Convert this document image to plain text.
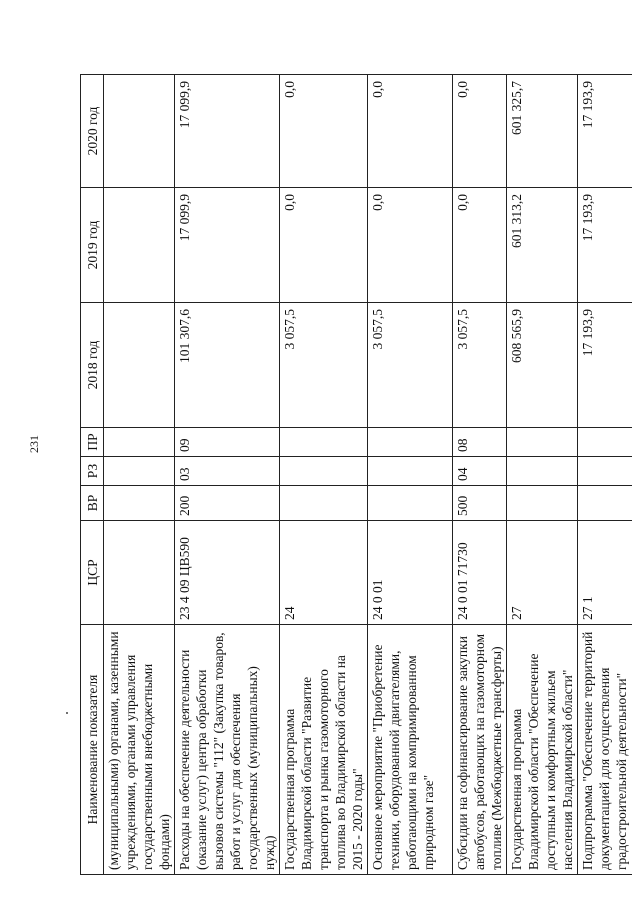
231
Наименование показателя	ЦСР	ВР	РЗ	ПР	2018 год	2019 год	2020 год
(муниципальными) органами, казенными учреждениями, органами управления государственными внебюджетными фондами)							
Расходы на обеспечение деятельности (оказание услуг) центра обработки вызовов системы "112" (Закупка товаров, работ и услуг для обеспечения государственных (муниципальных) нужд)	23 4 09 ЦВ590	200	03	09	101 307,6	17 099,9	17 099,9
Государственная программа Владимирской области "Развитие транспорта и рынка газомоторного топлива во Владимирской области на 2015 - 2020 годы"	24				3 057,5	0,0	0,0
Основное мероприятие "Приобретение техники, оборудованной двигателями, работающими на компримированном природном газе"	24 0 01				3 057,5	0,0	0,0
Субсидии на софинансирование закупки автобусов, работающих на газомоторном топливе (Межбюджетные трансферты)	24 0 01 71730	500	04	08	3 057,5	0,0	0,0
Государственная программа Владимирской области "Обеспечение доступным и комфортным жильем населения Владимирской области"	27				608 565,9	601 313,2	601 325,7
Подпрограмма "Обеспечение территорий документацией для осуществления градостроительной деятельности"	27 1				17 193,9	17 193,9	17 193,9
